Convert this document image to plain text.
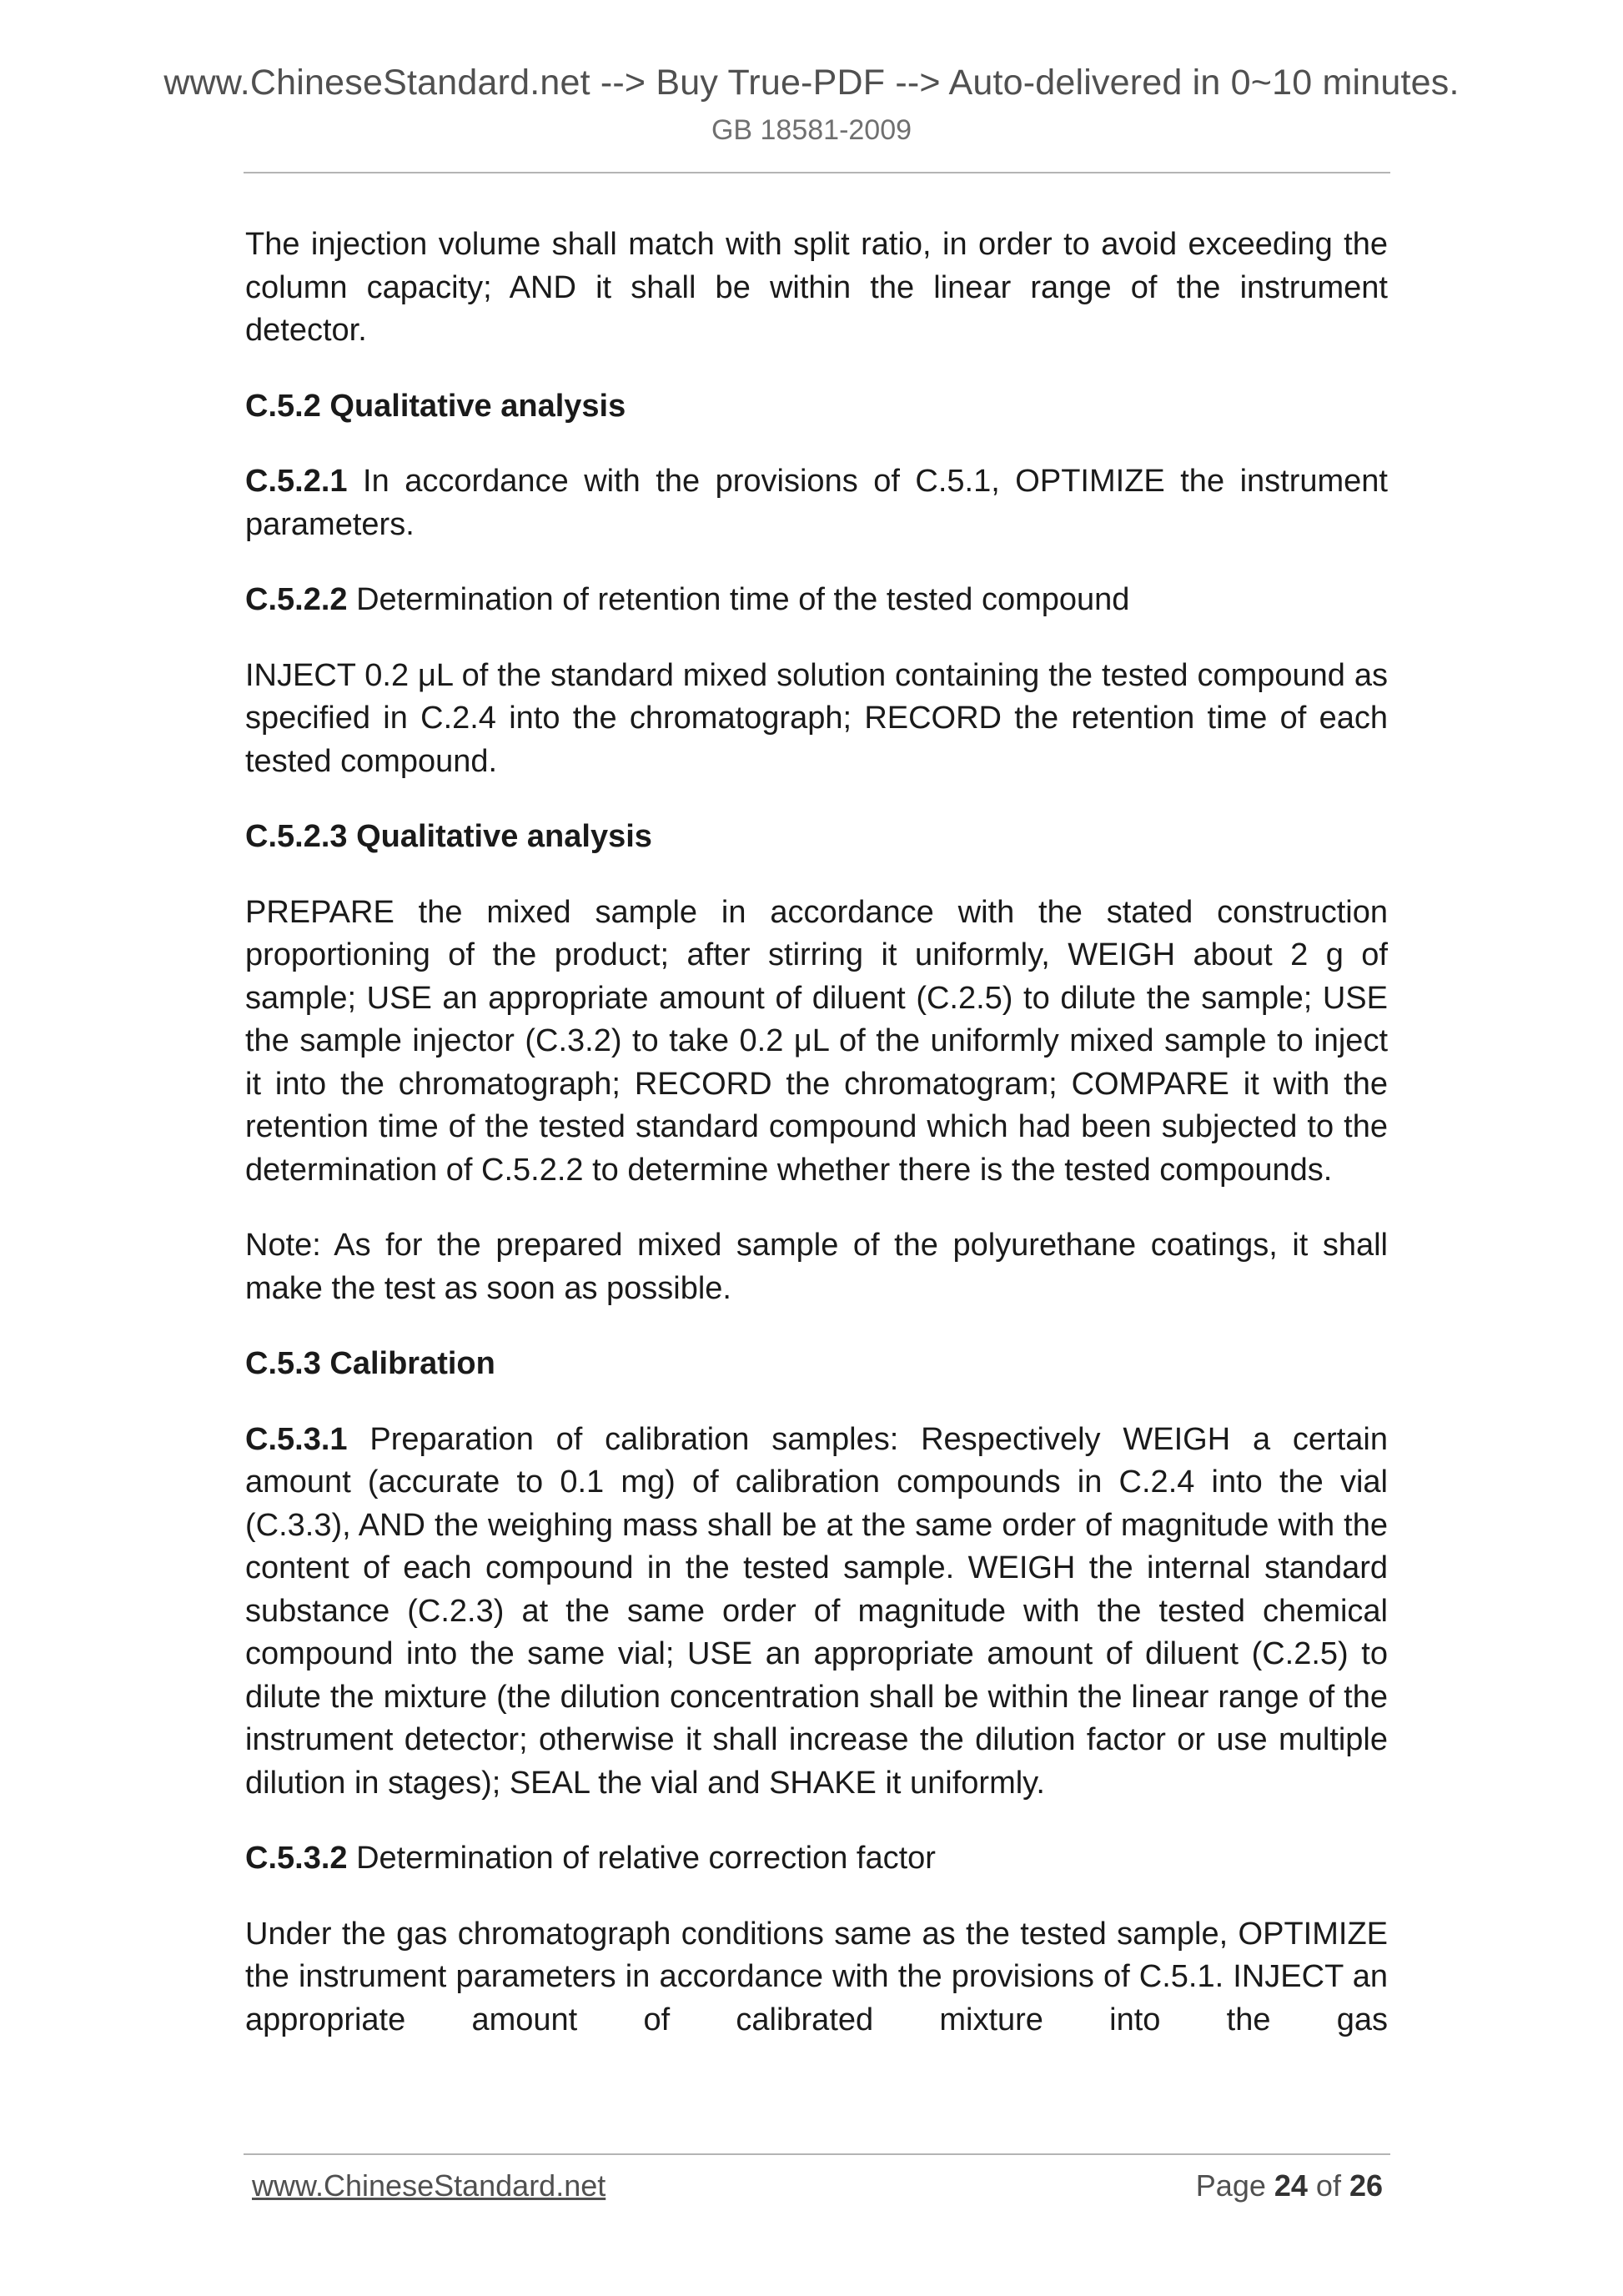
www.ChineseStandard.net --> Buy True-PDF --> Auto-delivered in 0~10 minutes.
GB 18581-2009

The injection volume shall match with split ratio, in order to avoid exceeding the column capacity; AND it shall be within the linear range of the instrument detector.

C.5.2 Qualitative analysis

C.5.2.1 In accordance with the provisions of C.5.1, OPTIMIZE the instrument parameters.

C.5.2.2 Determination of retention time of the tested compound

INJECT 0.2 μL of the standard mixed solution containing the tested compound as specified in C.2.4 into the chromatograph; RECORD the retention time of each tested compound.

C.5.2.3 Qualitative analysis

PREPARE the mixed sample in accordance with the stated construction proportioning of the product; after stirring it uniformly, WEIGH about 2 g of sample; USE an appropriate amount of diluent (C.2.5) to dilute the sample; USE the sample injector (C.3.2) to take 0.2 μL of the uniformly mixed sample to inject it into the chromatograph; RECORD the chromatogram; COMPARE it with the retention time of the tested standard compound which had been subjected to the determination of C.5.2.2 to determine whether there is the tested compounds.

Note: As for the prepared mixed sample of the polyurethane coatings, it shall make the test as soon as possible.

C.5.3 Calibration

C.5.3.1 Preparation of calibration samples: Respectively WEIGH a certain amount (accurate to 0.1 mg) of calibration compounds in C.2.4 into the vial (C.3.3), AND the weighing mass shall be at the same order of magnitude with the content of each compound in the tested sample. WEIGH the internal standard substance (C.2.3) at the same order of magnitude with the tested chemical compound into the same vial; USE an appropriate amount of diluent (C.2.5) to dilute the mixture (the dilution concentration shall be within the linear range of the instrument detector; otherwise it shall increase the dilution factor or use multiple dilution in stages); SEAL the vial and SHAKE it uniformly.

C.5.3.2 Determination of relative correction factor

Under the gas chromatograph conditions same as the tested sample, OPTIMIZE the instrument parameters in accordance with the provisions of C.5.1. INJECT an appropriate amount of calibrated mixture into the gas

www.ChineseStandard.net	Page 24 of 26
